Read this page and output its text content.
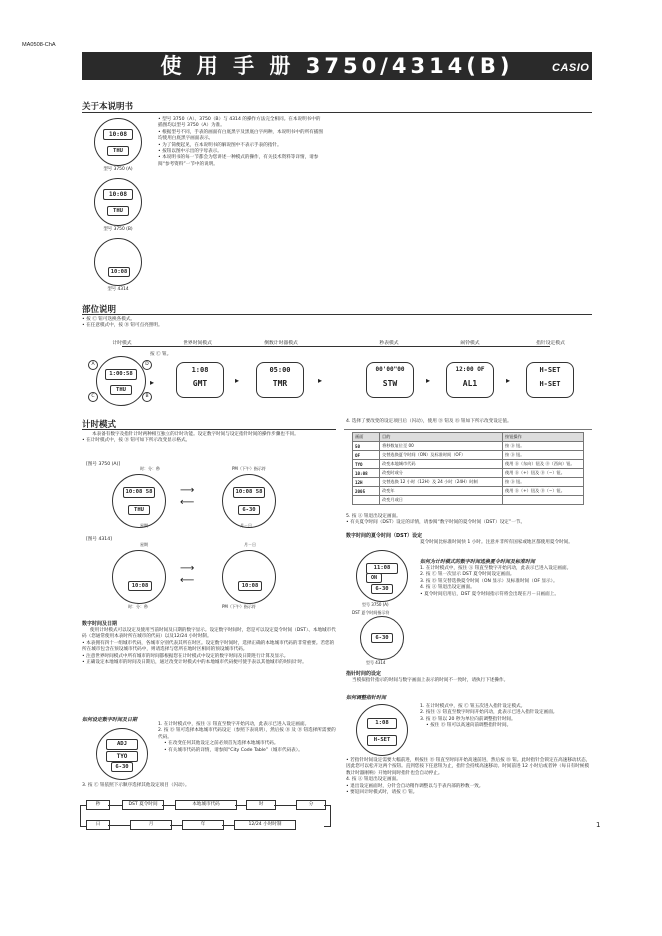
MA0508-ChA
使 用 手 册 3750/4314(B)	CASIO
关于本说明书
10:08
THU
型号 3750 (A)
10:08
THU
型号 3750 (B)
10:08
型号 4314

• 型号 3750（A）、3750（B）与 4314 的操作方法完全相同。在本说明书中的插图均以型号 3750（A）为准。

• 根据型号不同，手表的画面有白底黑字及黑底白字两种，本说明书中的所有插图均使用白底黑字画面表示。

• 为了简便起见，在本说明书的解说图中不表示手表的指针。

• 按钮以图中示出的字母表示。

• 本说明书的每一节都会为您讲述一种模式的操作，有关技术资料等详情，请参阅“参考资料”一节中的说明。

部位说明

• 按 Ⓒ 钮可迭换各模式。

• 在任意模式中，按 Ⓑ 钮可点亮照明。

计时模式	世界时间模式	倒数计时器模式	秒表模式	闹铃模式	指针设定模式
按 Ⓒ 钮。
1:00:58
THU
A	D
C	B
1:08
GMT
05:00
TMR
00'00"00
STW
12:00 OF
AL1
H-SET
H-SET
▸	▸	▸	▸	▸
计时模式

本表备有数字及指针计时两种相互独立的计时功能。设定数字时间与设定指针时间的操作步骤也不同。

• 在计时模式中，按 Ⓓ 钮可如下所示改变显示格式。

[图号 3750 (A)]
时：分：秒	PM（下午）指示符
10:08 58
THU
⟶
⟵
10:08 58
6-30
星期	月－日
[图号 4314]
星期	月－日
10:08
⟶
⟵	10:08
时：分：秒	PM（下午）指示符
数字时间及日期

使用计时模式可以设定及使用当前时间及日期的数字显示。设定数字时间时，您是可以设定夏令时间（DST）、本地城市代码（您通常使用本表时所在城市的代码）以及12/24 小时时制。

• 本表拥有四十一组城市代码，各城市分别代表其所在时区。设定数字时间时，选择正确的本地城市代码的非常重要。若您的所在城市包含在预设城市代码中，则请选择与您所在地时区相同的预设城市代码。

• 注意世界时间模式中所有城市的时间都根据您在计时模式中设定的数字时间及日期进行计算及显示。

• 正确设定本地城市的时间及日期后，通过改变计时模式中的本地城市代码便可使手表以其他城市的时间计时。

如何设定数字时间及日期
ADJ
TYO
6-30

1. 在计时模式中，按住 Ⓐ 钮直至数字开始闪动，此表示已进入设定画面。

2. 按 Ⓓ 钮可选择本地城市代码设定（参照下表说明），然后按 Ⓑ 及 Ⓓ 钮选择所需要的代码。

• 在改变任何其他设定之前必须首先选择本地城市代码。

• 有关城市代码的详情，请参阅“City Code Table”（城市代码表）。

3. 按 Ⓒ 钮依照下示顺序选择其他设定项目（闪动）。
秒	DST 夏令时间	本地城市代码	时	分
日	月	年	12/24 小时时制
4. 选择了要改变的设定项目后（闪动），使用 Ⓓ 钮及 Ⓑ 钮如下所示改变设定值。
画面	目的	按钮操作
50	将秒数复位至 00	按 Ⓓ 钮。
OF	交替选换夏令时间（ON）及标准时间（OF）	按 Ⓓ 钮。
TYO	改变本地城市代码	使用 Ⓓ（东向）钮及 Ⓑ（西向）钮。
10:08	改变时或分	使用 Ⓓ（+）钮及 Ⓑ（−）钮。
12H	交替选换 12 小时（12H）及 24 小时（24H）时制	按 Ⓓ 钮。
2005	改变年	使用 Ⓓ（+）钮及 Ⓑ（−）钮。
	改变月或日	

5. 按 Ⓐ 钮退出设定画面。

• 有关夏令时间（DST）设定的详情，请参阅“数字时间的夏令时间（DST）设定”一节。

数字时间的夏令时间（DST）设定
夏令时间比标准时间快 1 小时。注意并非所有国家或地区都使用夏令时间。
11:08
ON
6-30
型号 3750 (A)
DST 夏令时间指示符
6-30
型号 4314
如何为计时模式的数字时间选换夏令时间及标准时间

1. 在计时模式中，按住 Ⓐ 钮直至数字开始闪动，此表示已进入设定画面。

2. 按 Ⓒ 钮一次显示 DST 夏令时间设定画面。

3. 按 Ⓓ 钮交替选换夏令时间（ON 显示）及标准时间（OF 显示）。

4. 按 Ⓐ 钮退出设定画面。

• 夏令时间启用后，DST 夏令时间指示符将会出现在月－日画面上。

指针时间的设定
当模拟指针指示的时间与数字画面上表示的时间不一致时，请执行下述操作。
如何调整指针时间
1:08
H-SET

1. 在计时模式中，按 Ⓒ 钮五次进入指针设定模式。

2. 按住 Ⓐ 钮直至数字时间开始闪动，此表示已进入指针设定画面。

3. 按 Ⓓ 钮以 20 秒为单位向前调整指针时间。

• 按住 Ⓓ 钮可以高速向前调整指针时间。

• 若指针时间设定需要大幅前进，则按住 Ⓓ 钮直至时间开始高速前进，然后按 Ⓑ 钮。此时指针会锁定在高速移动状态，因此您可以松开这两个按钮。直到您按下任意钮为止，指针会持续高速移动。时间前进 12 小时后或者钟（每日有时候模数计时器刚响）开始时间时指针也会自动停止。

4. 按 Ⓐ 钮退出设定画面。

• 退出设定画面时，分针会自动稍作调整以与手表内部的秒数一致。

• 要返回计时模式时，请按 Ⓒ 钮。

1
